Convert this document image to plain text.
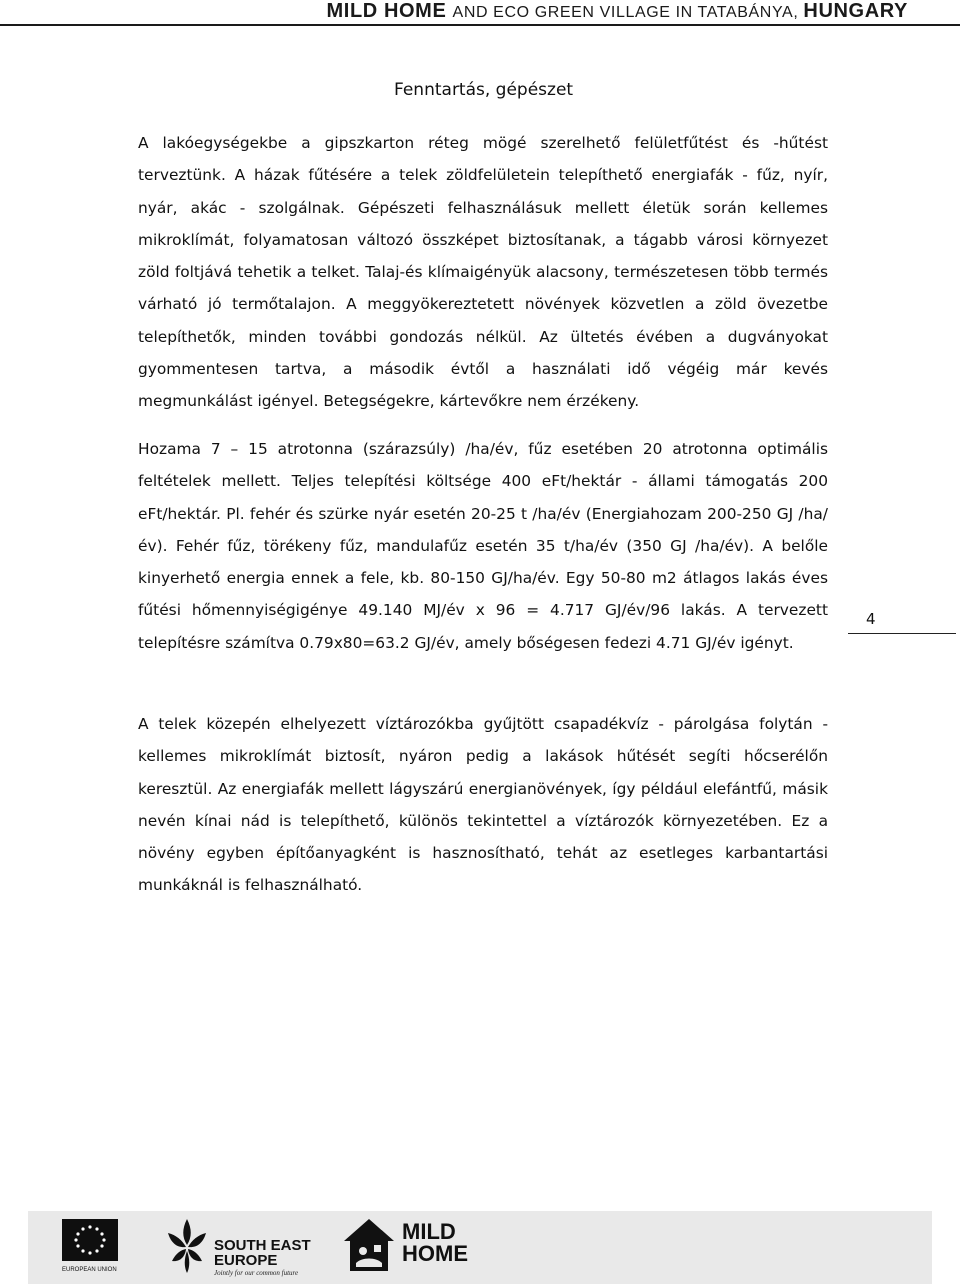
MILD HOME AND ECO GREEN VILLAGE IN TATABÁNYA, HUNGARY
Fenntartás, gépészet
A lakóegységekbe a gipszkarton réteg mögé szerelhető felületfűtést és -hűtést terveztünk. A házak fűtésére a telek zöldfelületein telepíthető energiafák - fűz, nyír, nyár, akác - szolgálnak. Gépészeti felhasználásuk mellett életük során kellemes mikroklímát, folyamatosan változó összképet biztosítanak, a tágabb városi környezet zöld foltjává tehetik a telket. Talaj-és klímaigényük alacsony, természetesen több termés várható jó termőtalajon. A meggyökereztetett növények közvetlen a zöld övezetbe telepíthetők, minden további gondozás nélkül. Az ültetés évében a dugványokat gyommentesen tartva, a második évtől a használati idő végéig már kevés megmunkálást igényel. Betegségekre, kártevőkre nem érzékeny.
Hozama 7 – 15 atrotonna (szárazsúly) /ha/év, fűz esetében 20 atrotonna optimális feltételek mellett. Teljes telepítési költsége 400 eFt/hektár - állami támogatás 200 eFt/hektár. Pl. fehér és szürke nyár esetén 20-25 t /ha/év (Energiahozam 200-250 GJ /ha/év). Fehér fűz, törékeny fűz, mandulafűz esetén 35 t/ha/év (350 GJ /ha/év). A belőle kinyerhető energia ennek a fele, kb. 80-150 GJ/ha/év. Egy 50-80 m2 átlagos lakás éves fűtési hőmennyiségigénye 49.140 MJ/év x 96 = 4.717 GJ/év/96 lakás. A tervezett telepítésre számítva 0.79x80=63.2 GJ/év, amely bőségesen fedezi 4.71 GJ/év igényt.
A telek közepén elhelyezett víztározókba gyűjtött csapadékvíz - párolgása folytán - kellemes mikroklímát biztosít, nyáron pedig a lakások hűtését segíti hőcserélőn keresztül. Az energiafák mellett lágyszárú energianövények, így például elefántfű, másik nevén kínai nád is telepíthető, különös tekintettel a víztározók környezetében. Ez a növény egyben építőanyagként is hasznosítható, tehát az esetleges karbantartási munkáknál is felhasználható.
4
EUROPEAN UNION
SOUTH EAST
EUROPE
Jointly for our common future
MILD
HOME
